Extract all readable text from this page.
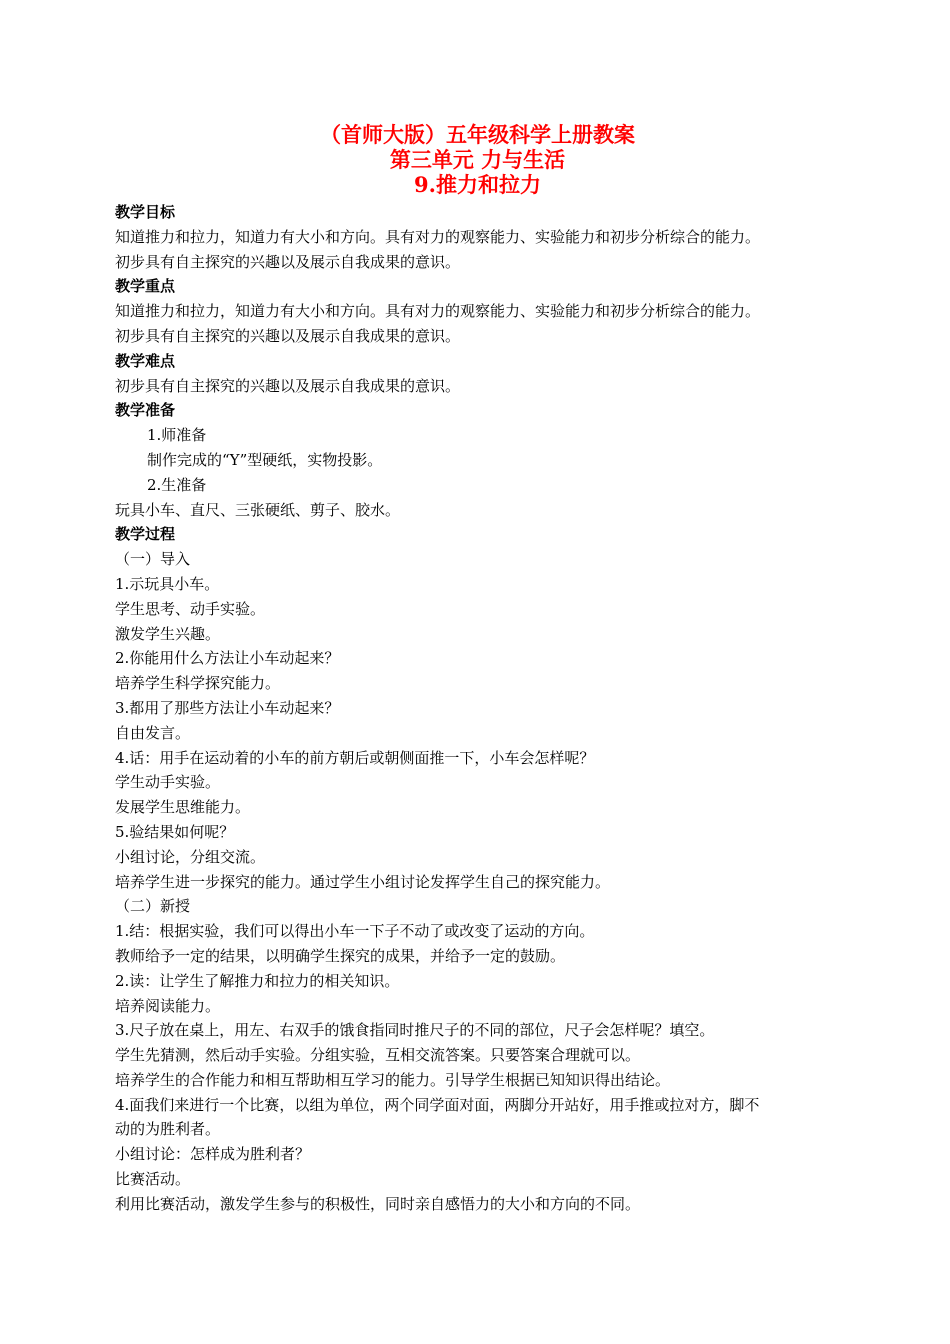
（首师大版）五年级科学上册教案
第三单元 力与生活
9.推力和拉力
教学目标
知道推力和拉力，知道力有大小和方向。具有对力的观察能力、实验能力和初步分析综合的能力。
初步具有自主探究的兴趣以及展示自我成果的意识。
教学重点
知道推力和拉力，知道力有大小和方向。具有对力的观察能力、实验能力和初步分析综合的能力。
初步具有自主探究的兴趣以及展示自我成果的意识。
教学难点
初步具有自主探究的兴趣以及展示自我成果的意识。
教学准备
1.师准备
制作完成的“Y”型硬纸，实物投影。
2.生准备
玩具小车、直尺、三张硬纸、剪子、胶水。
教学过程
（一）导入
1.示玩具小车。
学生思考、动手实验。
激发学生兴趣。
2.你能用什么方法让小车动起来？
培养学生科学探究能力。
3.都用了那些方法让小车动起来？
自由发言。
4.话：用手在运动着的小车的前方朝后或朝侧面推一下，小车会怎样呢？
学生动手实验。
发展学生思维能力。
5.验结果如何呢？
小组讨论，分组交流。
培养学生进一步探究的能力。通过学生小组讨论发挥学生自己的探究能力。
（二）新授
1.结：根据实验，我们可以得出小车一下子不动了或改变了运动的方向。
教师给予一定的结果，以明确学生探究的成果，并给予一定的鼓励。
2.读：让学生了解推力和拉力的相关知识。
培养阅读能力。
3.尺子放在桌上，用左、右双手的饿食指同时推尺子的不同的部位，尺子会怎样呢？填空。
学生先猜测，然后动手实验。分组实验，互相交流答案。只要答案合理就可以。
培养学生的合作能力和相互帮助相互学习的能力。引导学生根据已知知识得出结论。
4.面我们来进行一个比赛，以组为单位，两个同学面对面，两脚分开站好，用手推或拉对方，脚不
动的为胜利者。
小组讨论：怎样成为胜利者？
比赛活动。
利用比赛活动，激发学生参与的积极性，同时亲自感悟力的大小和方向的不同。
